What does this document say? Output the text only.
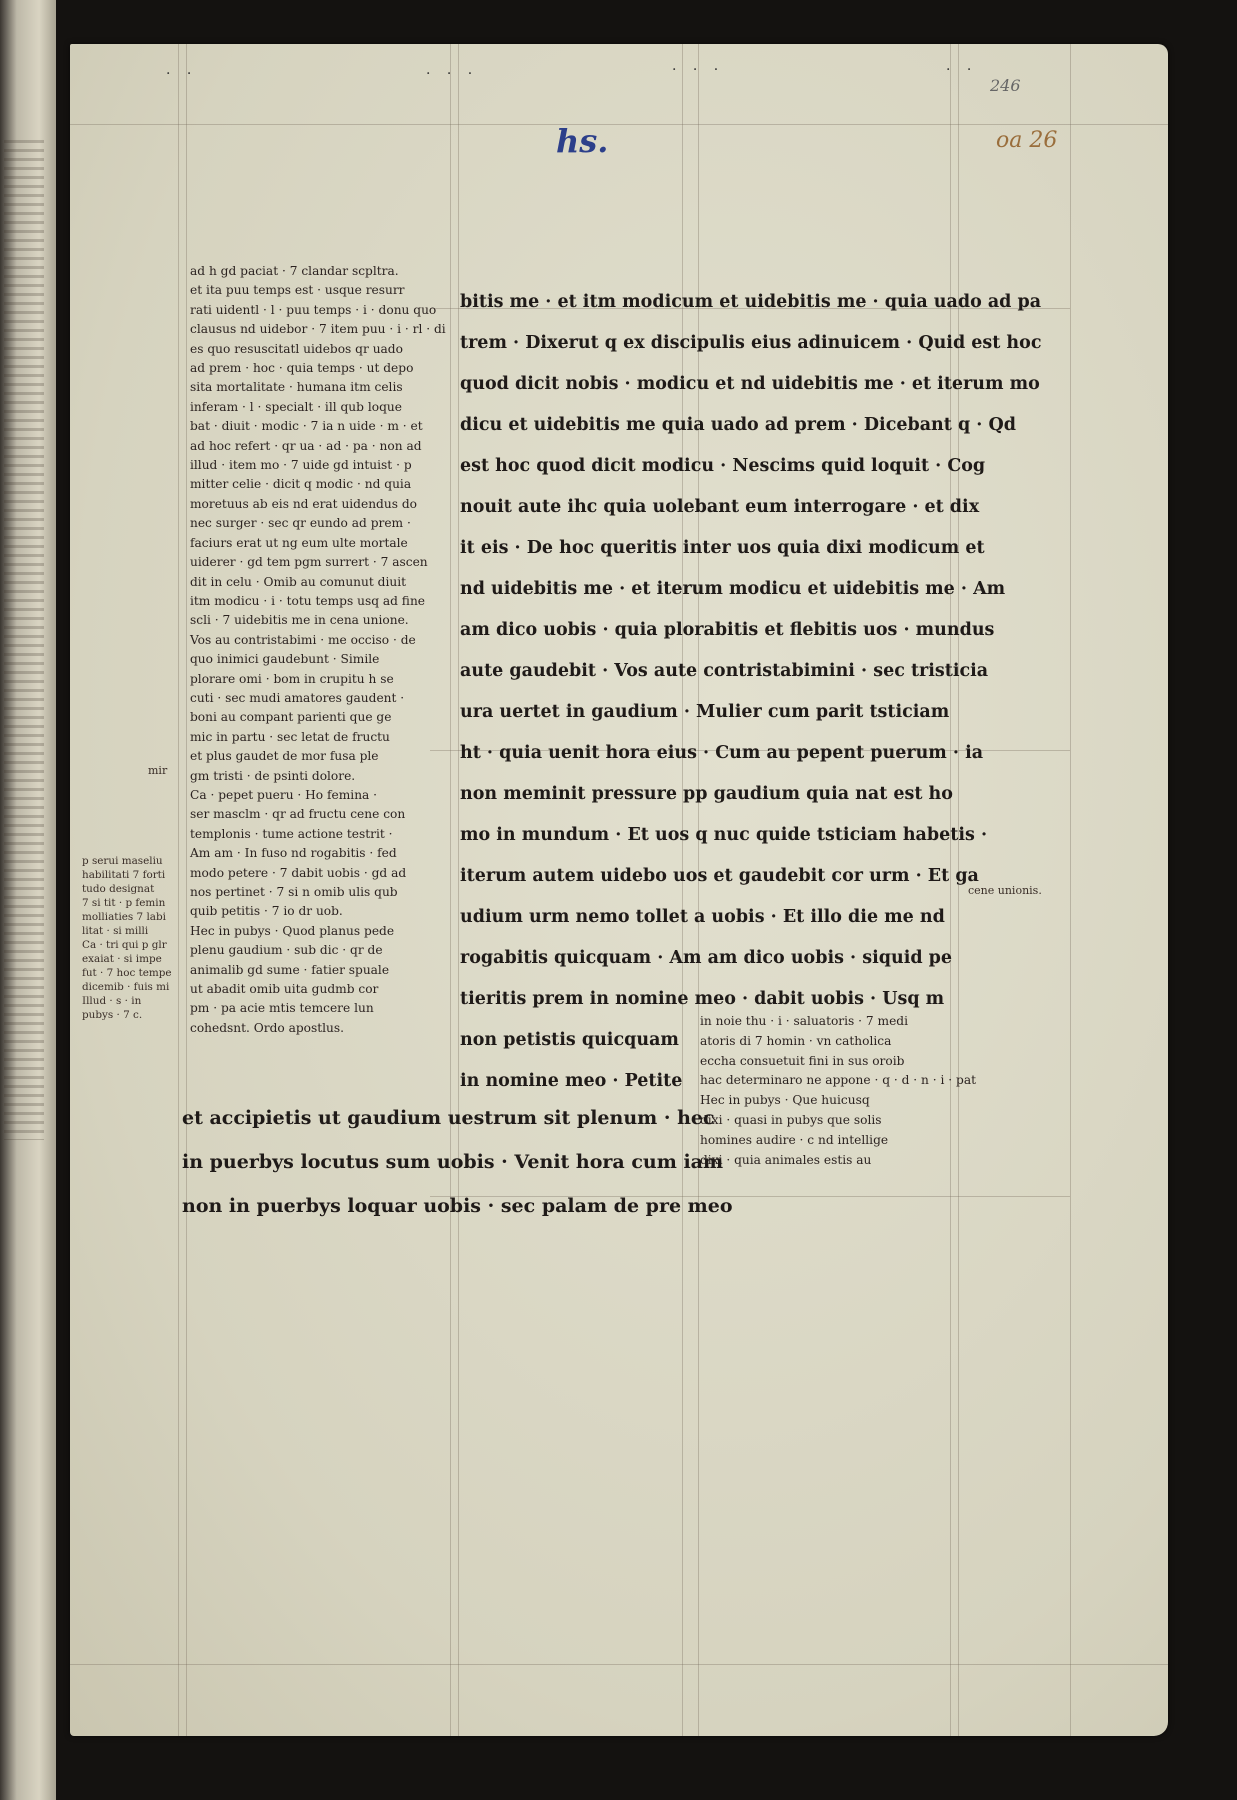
· ·	· · ·	· · ·	· ·
246
oa 26
hs.
p serui maseliu
habilitati 7 forti
tudo designat
7 si tit · p femin
molliaties 7 labi
litat · si milli
Ca · tri qui p glr
exaiat · si impe
fut · 7 hoc tempe
dicemib · fuis mi
Illud · s · in
pubys · 7 c.
mir
cene unionis.
ad h gd paciat · 7 clandar scpltra.
et ita puu temps est · usque resurr
rati uidentl · l · puu temps · i · donu quo
clausus nd uidebor · 7 item puu · i · rl · di
es quo resuscitatl uidebos qr uado
ad prem · hoc · quia temps · ut depo
sita mortalitate · humana itm celis
inferam · l · specialt · ill qub loque
bat · diuit · modic · 7 ia n uide · m · et
ad hoc refert · qr ua · ad · pa · non ad
illud · item mo · 7 uide gd intuist · p
mitter celie · dicit q modic · nd quia
moretuus ab eis nd erat uidendus do
nec surger · sec qr eundo ad prem ·
faciurs erat ut ng eum ulte mortale
uiderer · gd tem pgm surrert · 7 ascen
dit in celu · Omib au comunut diuit
itm modicu · i · totu temps usq ad fine
scli · 7 uidebitis me in cena unione.
Vos au contristabimi · me occiso · de
quo inimici gaudebunt · Simile
plorare omi · bom in crupitu h se
cuti · sec mudi amatores gaudent ·
boni au compant parienti que ge
mic in partu · sec letat de fructu
et plus gaudet de mor fusa ple
gm tristi · de psinti dolore.
Ca · pepet pueru · Ho femina ·
ser masclm · qr ad fructu cene con
templonis · tume actione testrit ·
Am am · In fuso nd rogabitis · fed
modo petere · 7 dabit uobis · gd ad
nos pertinet · 7 si n omib ulis qub
quib petitis · 7 io dr uob.
Hec in pubys · Quod planus pede
plenu gaudium · sub dic · qr de
animalib gd sume · fatier spuale
ut abadit omib uita gudmb cor
pm · pa acie mtis temcere lun
cohedsnt. Ordo apostlus.
bitis me · et itm modicum et uidebitis me · quia uado ad pa
trem · Dixerut q ex discipulis eius adinuicem · Quid est hoc
quod dicit nobis · modicu et nd uidebitis me · et iterum mo
dicu et uidebitis me quia uado ad prem · Dicebant q · Qd
est hoc quod dicit modicu · Nescims quid loquit · Cog
nouit aute ihc quia uolebant eum interrogare · et dix
it eis · De hoc queritis inter uos quia dixi modicum et
nd uidebitis me · et iterum modicu et uidebitis me · Am
am dico uobis · quia plorabitis et flebitis uos · mundus
aute gaudebit · Vos aute contristabimini · sec tristicia
ura uertet in gaudium · Mulier cum parit tsticiam
ht · quia uenit hora eius · Cum au pepent puerum · ia
non meminit pressure pp gaudium quia nat est ho
mo in mundum · Et uos q nuc quide tsticiam habetis ·
iterum autem uidebo uos et gaudebit cor urm · Et ga
udium urm nemo tollet a uobis · Et illo die me nd
rogabitis quicquam · Am am dico uobis · siquid pe
tieritis prem in nomine meo · dabit uobis · Usq m
non petistis quicquam
in nomine meo · Petite
in noie thu · i · saluatoris · 7 medi
atoris di 7 homin · vn catholica
eccha consuetuit fini in sus oroib
hac determinaro ne appone · q · d · n · i · pat
Hec in pubys · Que huicusq
dixi · quasi in pubys que solis
homines audire · c nd intellige
dixi · quia animales estis au
et accipietis ut gaudium uestrum sit plenum · hec
in puerbys locutus sum uobis · Venit hora cum iam
non in puerbys loquar uobis · sec palam de pre meo
